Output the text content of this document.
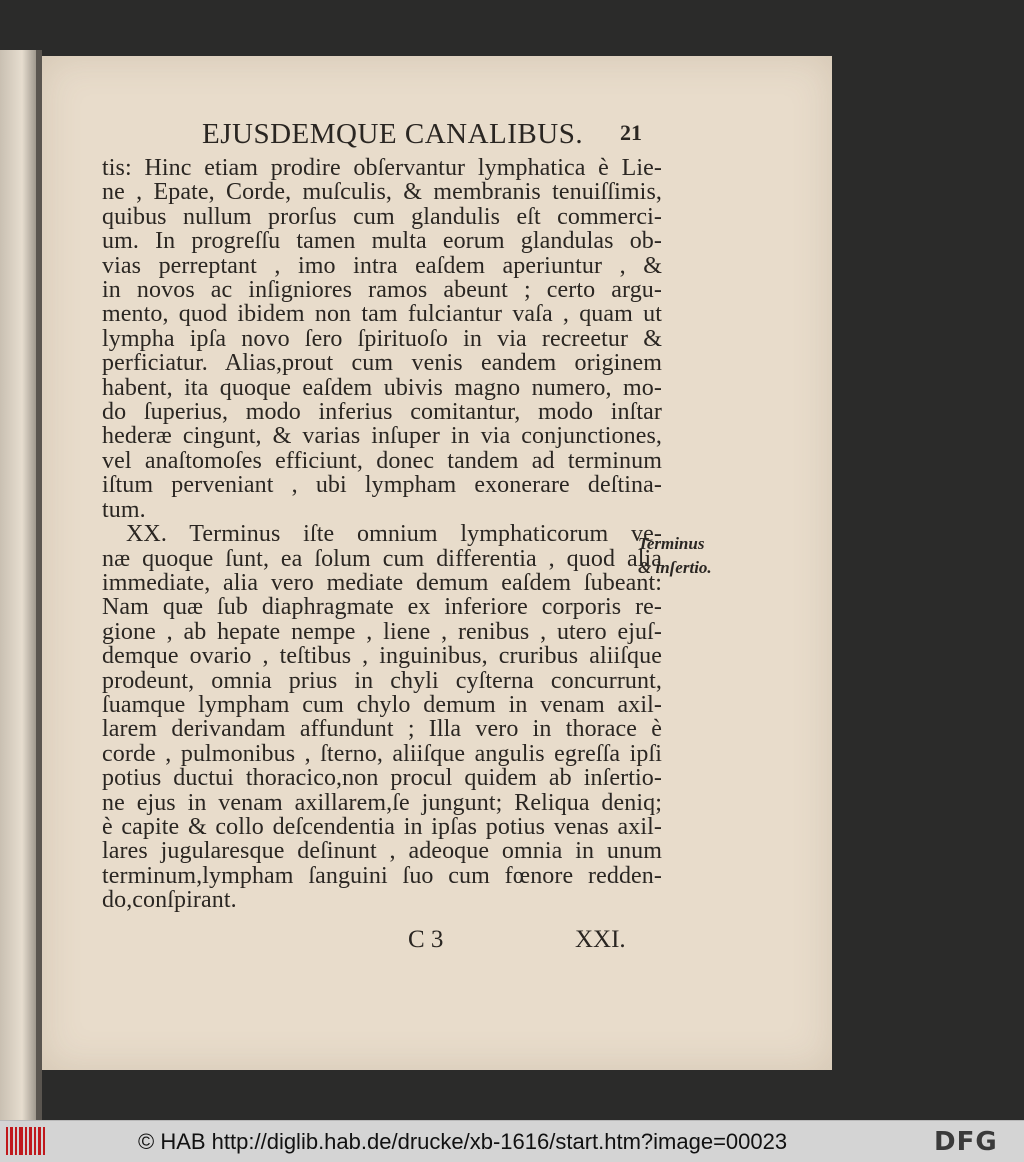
EJUSDEMQUE CANALIBUS. 21
tis: Hinc etiam prodire obſervantur lymphatica è Lie-
ne , Epate, Corde, muſculis, & membranis tenuiſſimis,
quibus nullum prorſus cum glandulis eſt commerci-
um. In progreſſu tamen multa eorum glandulas ob-
vias perreptant , imo intra eaſdem aperiuntur , &
in novos ac inſigniores ramos abeunt ; certo argu-
mento, quod ibidem non tam fulciantur vaſa , quam ut
lympha ipſa novo ſero ſpirituoſo in via recreetur &
perficiatur. Alias,prout cum venis eandem originem
habent, ita quoque eaſdem ubivis magno numero, mo-
do ſuperius, modo inferius comitantur, modo inſtar
hederæ cingunt, & varias inſuper in via conjunctiones,
vel anaſtomoſes efficiunt, donec tandem ad terminum
iſtum perveniant , ubi lympham exonerare deſtina-
tum.
XX. Terminus iſte omnium lymphaticorum ve-
næ quoque ſunt, ea ſolum cum differentia , quod alia
immediate, alia vero mediate demum eaſdem ſubeant:
Nam quæ ſub diaphragmate ex inferiore corporis re-
gione , ab hepate nempe , liene , renibus , utero ejuſ-
demque ovario , teſtibus , inguinibus, cruribus aliiſque
prodeunt, omnia prius in chyli cyſterna concurrunt,
ſuamque lympham cum chylo demum in venam axil-
larem derivandam affundunt ; Illa vero in thorace è
corde , pulmonibus , ſterno, aliiſque angulis egreſſa ipſi
potius ductui thoracico,non procul quidem ab inſertio-
ne ejus in venam axillarem,ſe jungunt; Reliqua deniq;
è capite & collo deſcendentia in ipſas potius venas axil-
lares jugularesque deſinunt , adeoque omnia in unum
terminum,lympham ſanguini ſuo cum fœnore redden-
do,conſpirant.
Terminus
& inſertio.
C 3	XXI.
© HAB http://diglib.hab.de/drucke/xb-1616/start.htm?image=00023	DFG
